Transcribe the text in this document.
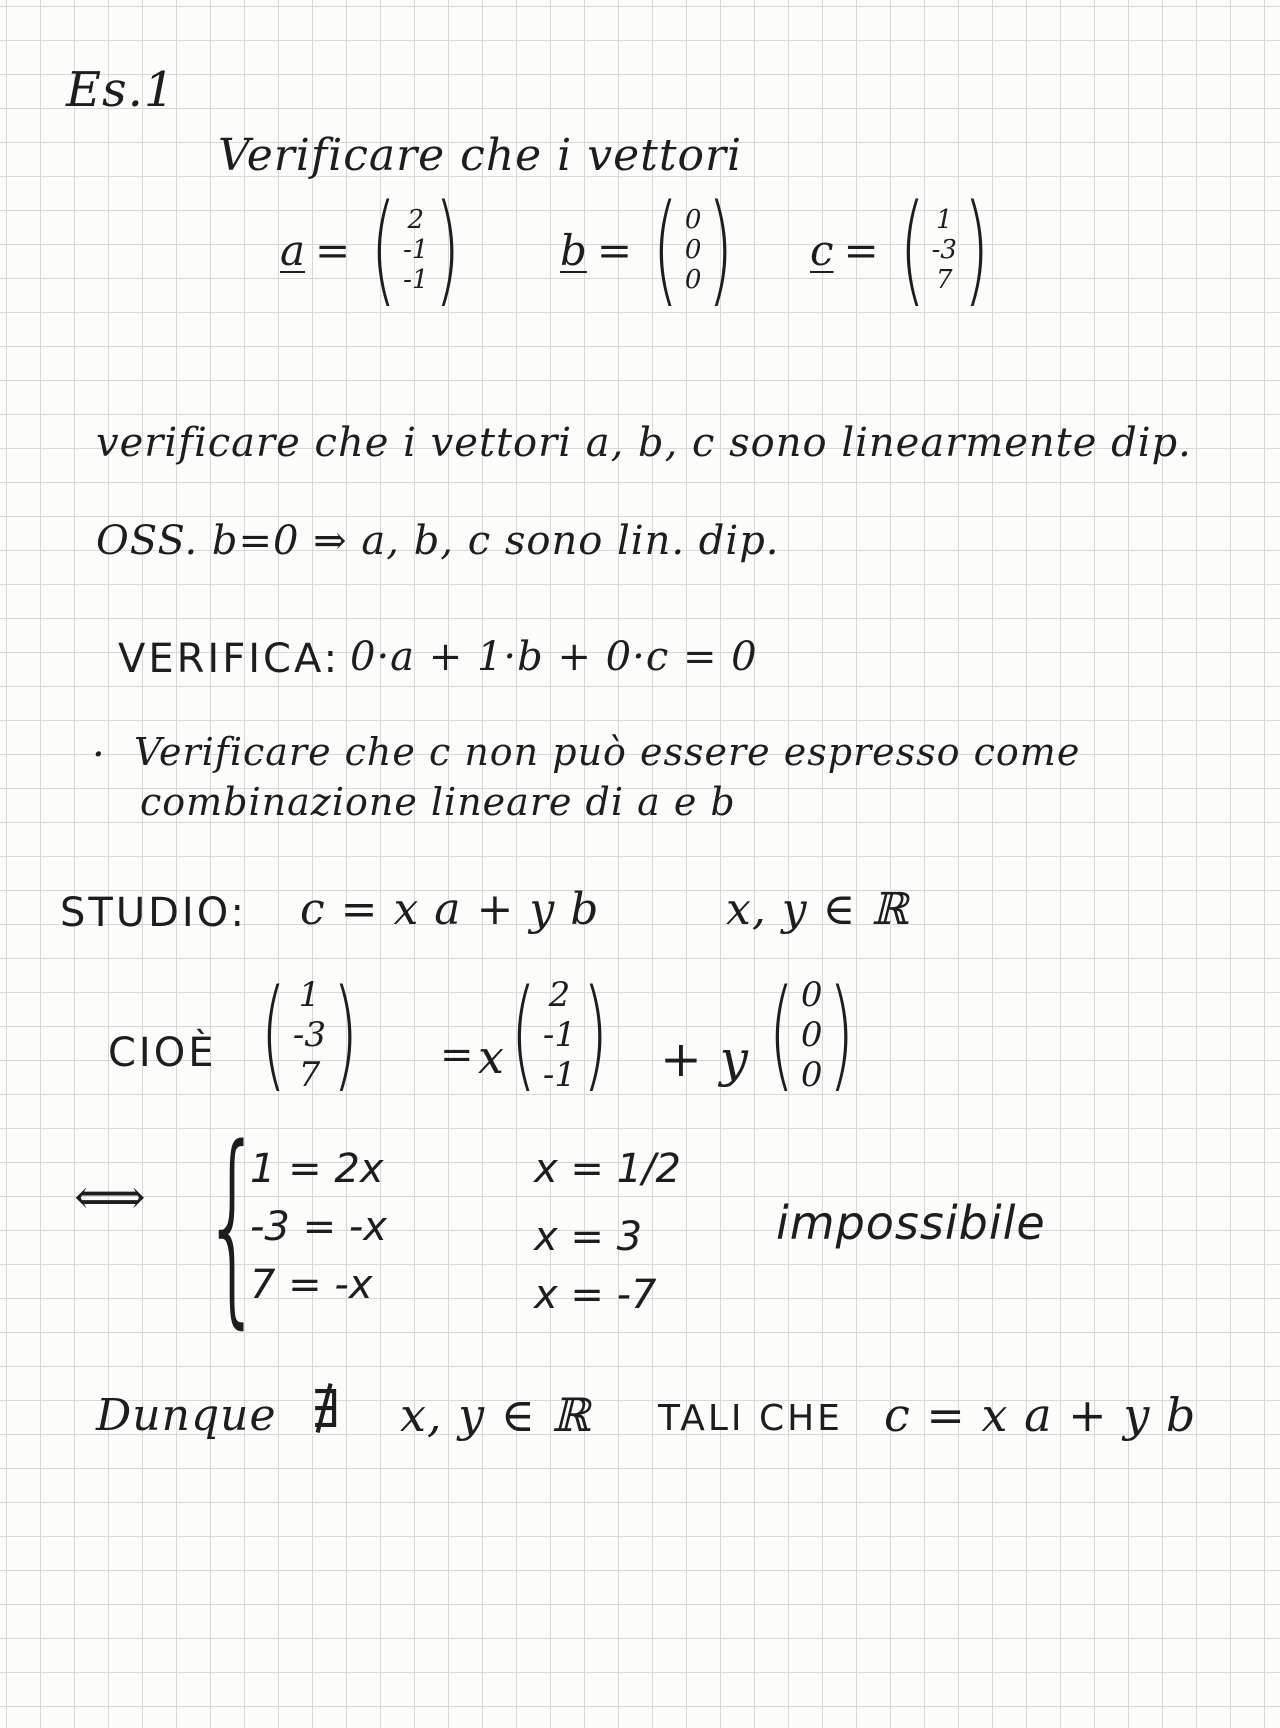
Es.1
Verificare che i vettori
a = ( 2
-1
-1 ) b = ( 0
0
0 ) c = ( 1
-3
7 )
verificare che i vettori a, b, c sono linearmente dip.
OSS. b=0 ⇒ a, b, c sono lin. dip.
VERIFICA: 0·a + 1·b + 0·c = 0
· Verificare che c non può essere espresso come
combinazione lineare di a e b
STUDIO: c = x a + y b	x, y ∈ ℝ
CIOÈ ( 1
-3
7 ) = x ( 2
-1
-1 ) + y ( 0
0
0 )
⟺ {
1 = 2x
-3 = -x
7 = -x
x = 1/2
x = 3
x = -7
impossibile
Dunque ∄ x, y ∈ ℝ TALI CHE c = x a + y b
